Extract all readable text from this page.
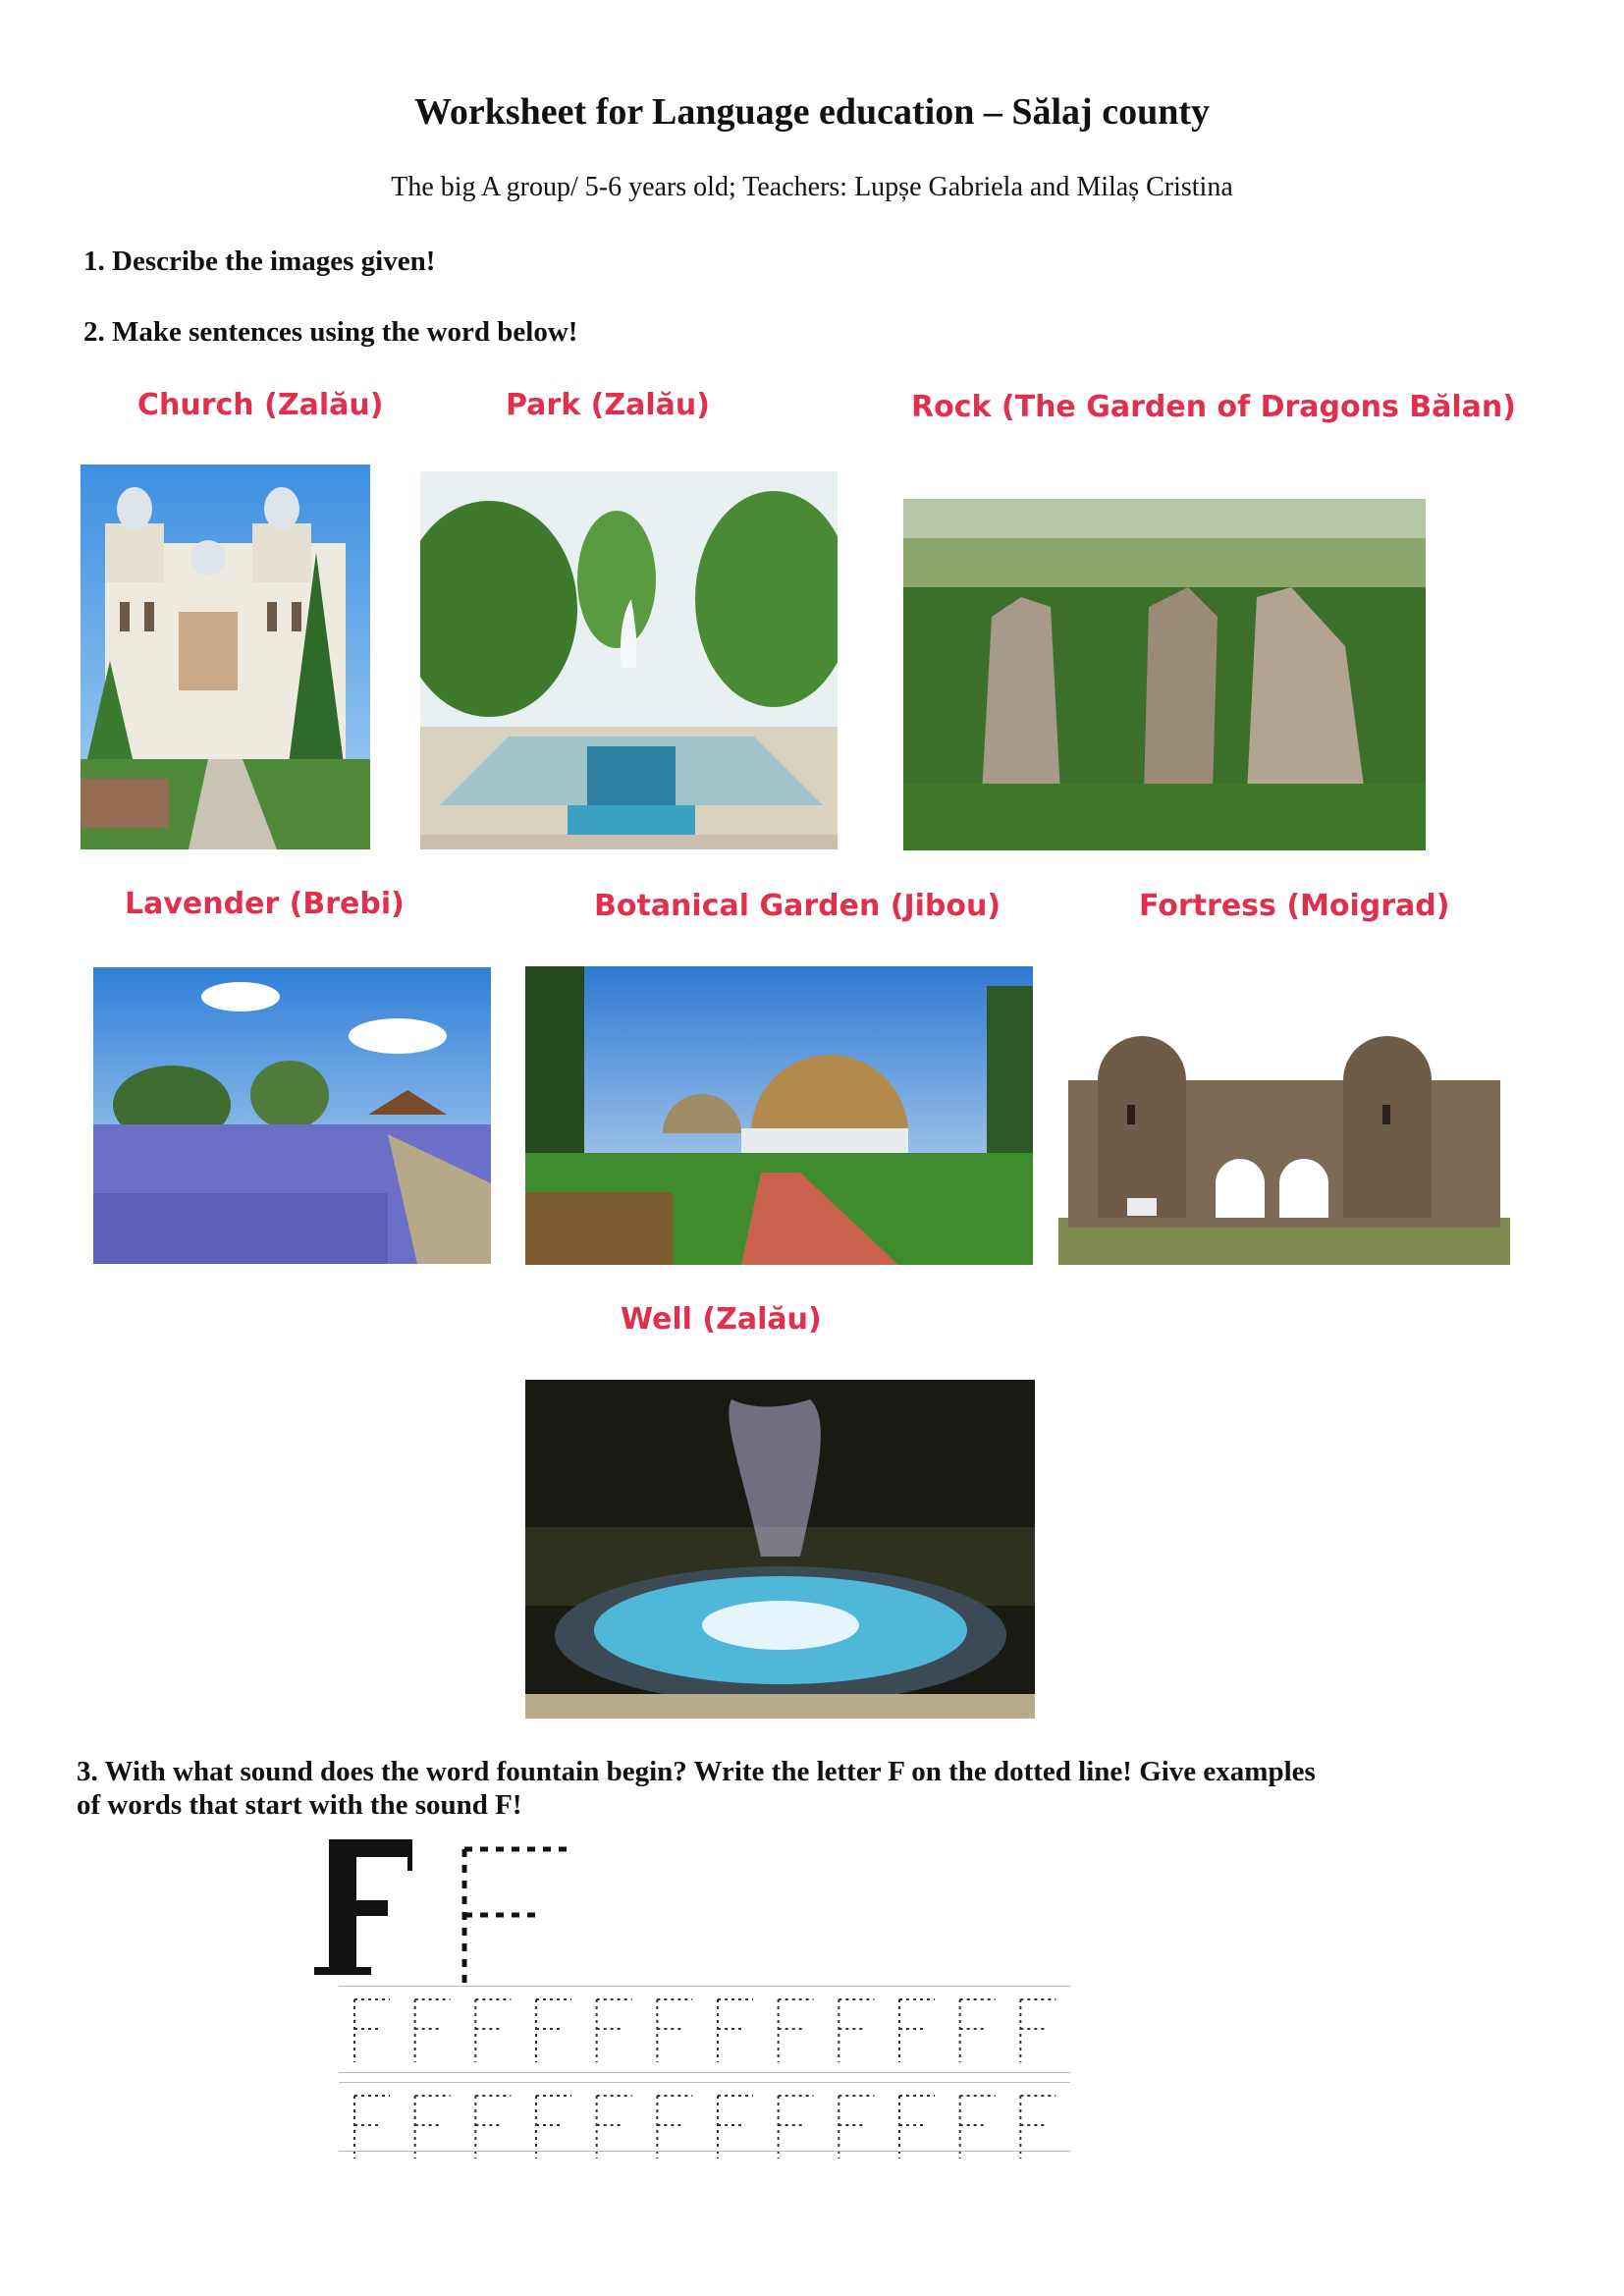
Worksheet for Language education – Sălaj county
The big A group/ 5-6 years old; Teachers: Lupșe Gabriela and Milaș Cristina
1. Describe the images given!
2. Make sentences using the word below!
Church (Zalău)	Park (Zalău)	Rock (The Garden of Dragons Bălan)
Lavender (Brebi)	Botanical Garden (Jibou)	Fortress (Moigrad)
Well (Zalău)
3. With what sound does the word fountain begin? Write the letter F on the dotted line! Give examples
of words that start with the sound F!
